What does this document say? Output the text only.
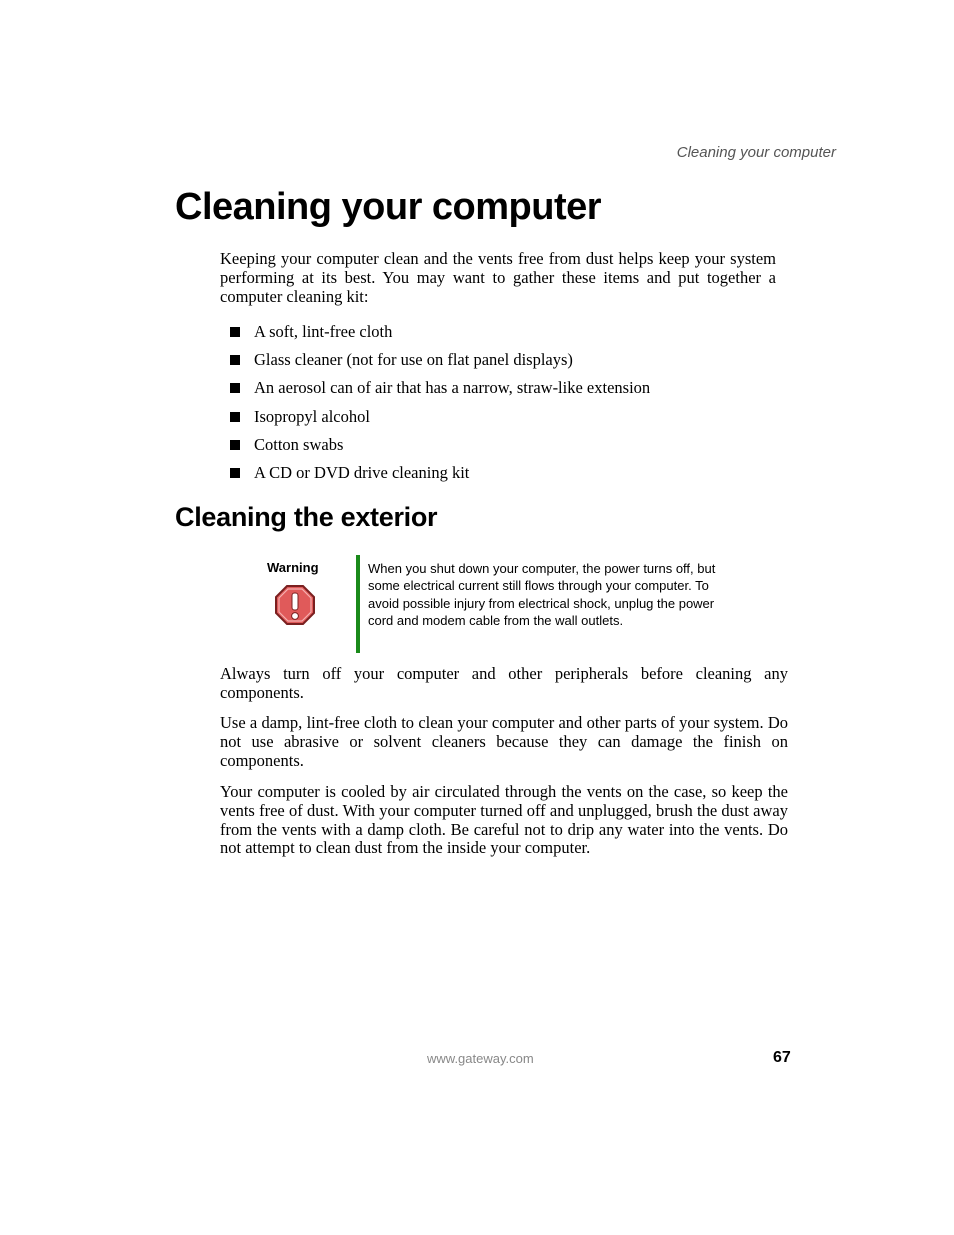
Cleaning your computer
Cleaning your computer

Keeping your computer clean and the vents free from dust helps keep your system performing at its best. You may want to gather these items and put together a computer cleaning kit:

A soft, lint-free cloth
Glass cleaner (not for use on flat panel displays)
An aerosol can of air that has a narrow, straw-like extension
Isopropyl alcohol
Cotton swabs
A CD or DVD drive cleaning kit
Cleaning the exterior
Warning	When you shut down your computer, the power turns off, but some electrical current still flows through your computer. To avoid possible injury from electrical shock, unplug the power cord and modem cable from the wall outlets.

Always turn off your computer and other peripherals before cleaning any components.

Use a damp, lint-free cloth to clean your computer and other parts of your system. Do not use abrasive or solvent cleaners because they can damage the finish on components.

Your computer is cooled by air circulated through the vents on the case, so keep the vents free of dust. With your computer turned off and unplugged, brush the dust away from the vents with a damp cloth. Be careful not to drip any water into the vents. Do not attempt to clean dust from the inside your computer.

www.gateway.com	67
